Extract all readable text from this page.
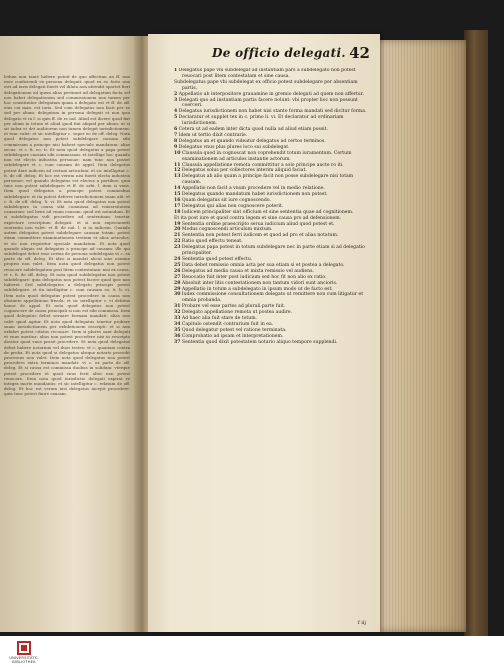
ledum non tamē habere potuit de quo affectum an ff. non esse conficiendi ex persona delegati: quod ex eo forte non erit ad iuris delegati fuerit vel dilata non attendit oportet fieri delegationem ad quem alias pertinuit ad delegatum facta vel non habet delegationem sed commissionem non tamen per hoc constituitur delegatum quam a delegato est vt ff. de off. eius cui man. est iuris. Sed cum delegatus non facit per se sed per alium: delegatum in persona delegati et non ipso delegato vt in l. si quis ff. de re iud. Aliud est dicere quod fiat per alium in totum et aliud quod fiat aliquid per alium: ut si sit iudex et det auditorem non tamen deleget iurisdictionem: et tunc valet: et sic intelligitur c. super eo de off. deleg. Nota quod delegatus non potest subdelegare causam sibi commissam a principe nisi habeat speciale mandatum: alias secus: vt c. fi. eo. ti. Et nota quod delegatus a papa potest subdelegare causam sibi commissam: et intellige hoc quando non est electa industria personae: nam tunc non posset subdelegare vt c. cum causam de appel. Item delegatus potest dare iudicem ad certum articulum: et sic intelligitur c. fi. de off. deleg. Et hoc est verum nisi fuerit electa industria personae: vel quando delegatus est electus a partibus: quia tunc non potest subdelegare vt ff. de arbi. l. item si vnus. Item quod delegatus a principe potest commodius subdelegare: et ita potest deferre iurisdictionem suam alii: vt c. fi. de off. deleg. li. vi. Et nota quod delegatus non potest subdelegare in causa sibi commissa ad vniuersitatem causarum: sed bene ad vnam causam: quod est notandum. Et si subdelegatus vult procedere ad sententiam: tenetur expectare rescriptum delegati: et si non expectauerit sententia non valet: vt ff. de iud. l. si in iudicem. Quando autem delegatus potest subdelegare causam totam: potest etiam committere examinationem testium et alios articulos: et sic non requiritur speciale mandatum. Et nota quod quando aliquis est delegatus a principe ad causam: ille qui subdelegat debet esse certus de persona subdelegata vt c. ex parte de off. deleg. Et ideo si mandat alicui sine nomine proprio non valet. Item nota quod delegatus non potest reuocare subdelegatum post litem contestatam: nisi ex causa: vt c. fi. de off. deleg. Et nota quod subdelegatus non potest subdelegare: quia delegatus non potest facere quod ipse non haberet. Sed subdelegatus a delegato principis potest subdelegare: et ita intelligitur c. cum causam eo. ti. li. vi. Item nota quod delegatus potest procedere in causa non obstante appellatione frivola: et sic intelligitur c. vt debitus honor de appel. Et nota quod delegatus non potest cognoscere de causa principali si non est sibi commissa. Item quod delegatus debet seruare formam mandati: alias non valet quod agitur. Et nota quod delegatus tenetur probare suam iurisdictionem per exhibitionem rescripti: et si non exhibet potest citatus recusare. Item si plures sunt delegati et vnus moritur: alius non potest procedere nisi in rescripto dicatur quod vnus possit procedere. Et nota quod delegatus debet habere notarium vel duos testes: vt c. quoniam contra de proba. Et nota quod si delegatus absque notario procedit processus non valet. Item nota quod delegatus non potest procedere extra terminos mandati: vt c. ex parte de off. deleg. Et si causa est commissa duobus in solidum: vterque potest procedere et quod vnus fecit alter non potest reuocare. Item nota quod iurisdictio delegati expirat re integra morte mandantis: et sic intelligitur c. relatum de off. deleg. Et hoc est verum nisi delegatus incepit procedere: quia tunc potest finire causam.
De officio delegati. 42

1 Delegatus pape vbi subdelegat ad instantiam pars a subdelegato non potest reuocari post litem contestatam et sine causa.

Subdelegatus pape vbi subdelegat ex officio potest subdelegare per absentiam partis.

2 Appellatio ab interpositore grauamine in gremio delegati ad quem non affertur.

3 Delegati quo ad instantiam partis facere nolunt: vbi propter hoc non possunt coerceri.

4 Delegatus iurisdictionem non habet nisi stante forma mandati sed dicitur forma.

5 Declaratur et supplet tex in c. primo li. vi. Et declaratur ad ordinariam iurisdictionem.

6 Cetera ut ad eadem inter dicta quod nulla ad aliud etiam possit.

7 Idem ut tertio dixit contrarie.

8 Delegatus an et quando videatur delegatus ad certos terminos.

9 Delegatus vnus plus plures loco sui subdelegat.

10 Clausula quod in cognoscat non coprehendit totum iuramentum. Certum examinationem ad articulos instantie actorum.

11 Clausula appellatione remota committitur a solo principe aucte ro iti.

12 Delegatus solus per collectores interim aliquid faciat.

13 Delegatus ab alio quam a principe facit non posse subdelegare nisi totam causam.

14 Appellatio non facit a vnum procedere vel in medio relatione.

15 Delegatus quando mandatum habet iurisdictionem non potest.

16 Quam delegatus sit iure cognoscendo.

17 Delegatus qui alias non cognoscere poterit.

18 Iudicem principaliter sint officium et sine sententia quae ad cognitionem.

Et ita post iure et quod contra legem et sine causa pro ad defensionem.

19 Sententia ordine praescripto serua iudicium aliud quod potest et.

20 Modus cognoscendi articulum mixtum.

21 Sententia non potest ferri iudicem et quod ad pro et alias notatum.

22 Ratio quod effectu teneat.

23 Delegatus papa potest in totum subdelegare nec in parte etiam si ad delegatio principaliter.

24 Sententia quod potest effectu.

25 Data debet remissio omnia acta per sua etiam si et postea a delegato.

26 Delegatus ad media causa et mixta remissio vel audiens.

27 Reuocatio fuit inter post iudicium sed hoc fit non alio ex ratio.

28 Absoluit inter litis contestationem non tantum vidori sunt ancioris.

29 Appellatio in totum a subdelegato in ipsum modo ut de facto est.

30 Iudex commissione consultationem delegato ut remittere non cum litigatur et omnia probanda.

31 Probare vel esse partes ad plurali parte fuit.

32 Delegato appellatione remota ut postea audire.

33 Ad haec alia fuit stare de totum.

34 Capitulo ostendit contrarium fuit in ea.

35 Quod delegatur potest vel ratione terminata.

36 Comprobatio ad ipsam et interpretationem.

37 Sententia quod dixit potestatem notario aliquo tempore supplendi.

f iij
UNIVERSITÄTS-
BIBLIOTHEK
